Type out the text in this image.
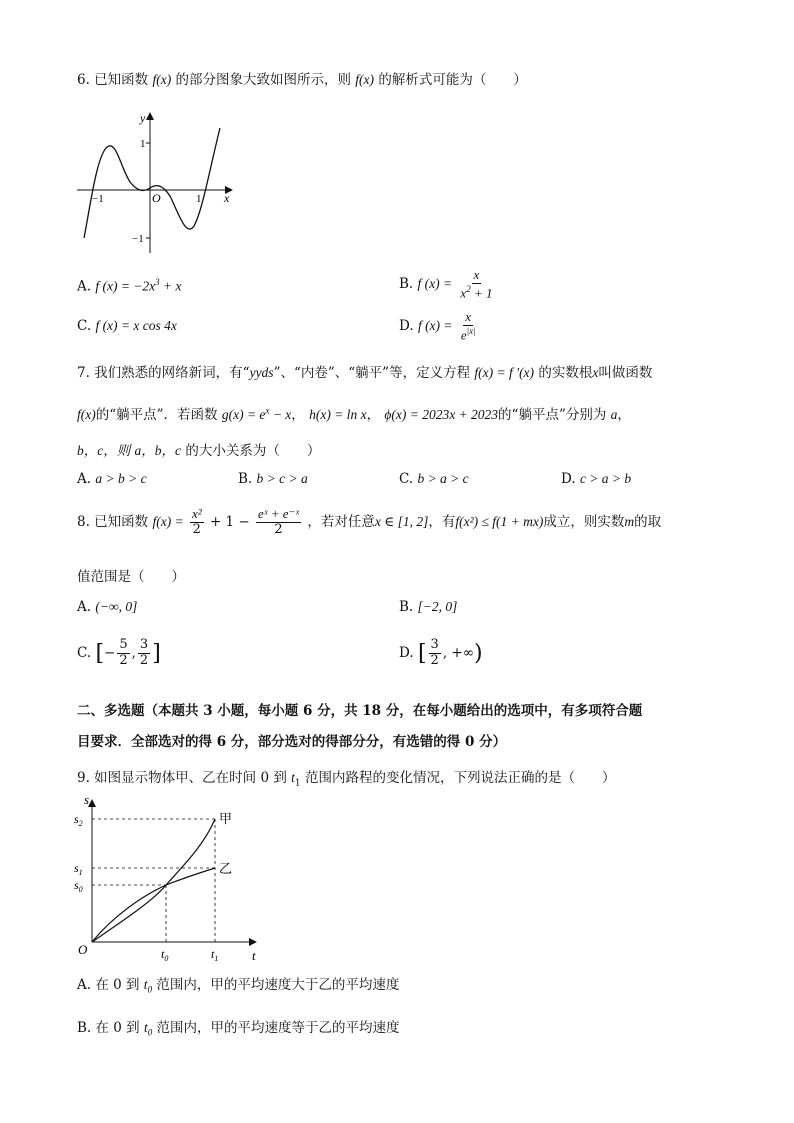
6. 已知函数 f(x) 的部分图象大致如图所示，则 f(x) 的解析式可能为（　　）
y
x
O
1
−1
−1	1
A. f $(x) = -2x^3 + x$	B. f $(x) = \frac{x}{x^2 + 1}$
C. f (x) = x cos 4x	D. f $(x) = \frac{x}{e^{|x|}}$
7. 我们熟悉的网络新词，有“yyds”、“内卷”、“躺平”等，定义方程 f(x) = f ′(x) 的实数根x叫做函数
f(x)的“躺平点”．若函数 $g(x) = e^x - x$， h(x) = ln x， ϕ(x) = 2023x + 2023的“躺平点”分别为 a，
b，c，则 a，b，c 的大小关系为（　　）
A. a > b > c	B. b > c > a	C. b > a > c	D. c > a > b
8. 已知函数 $f(x) = \frac{\text{x²}}{2} + 1 - \frac{\text{eˣ + e⁻ˣ}}{2}$ ，若对任意x ∈ [1, 2]，有f(x²) ≤ f(1 + mx)成立，则实数m的取
值范围是（　　）
A. (−∞, 0]	B. [−2, 0]
C. [− $\frac{5}{2}$ , $\frac{3}{2}$ ]	D. [ $\frac{3}{2}$ , +∞)
二、多选题（本题共 3 小题，每小题 6 分，共 18 分，在每小题给出的选项中，有多项符合题
目要求．全部选对的得 6 分，部分选对的得部分分，有选错的得 0 分）
9. 如图显示物体甲、乙在时间 0 到 $t_1$ 范围内路程的变化情况，下列说法正确的是（　　）
s
t
O
$s_2$
$s_1$
$s_0$
$t_0$	$t_1$
甲
乙
A. 在 0 到 $t_0$ 范围内，甲的平均速度大于乙的平均速度
B. 在 0 到 $t_0$ 范围内，甲的平均速度等于乙的平均速度
